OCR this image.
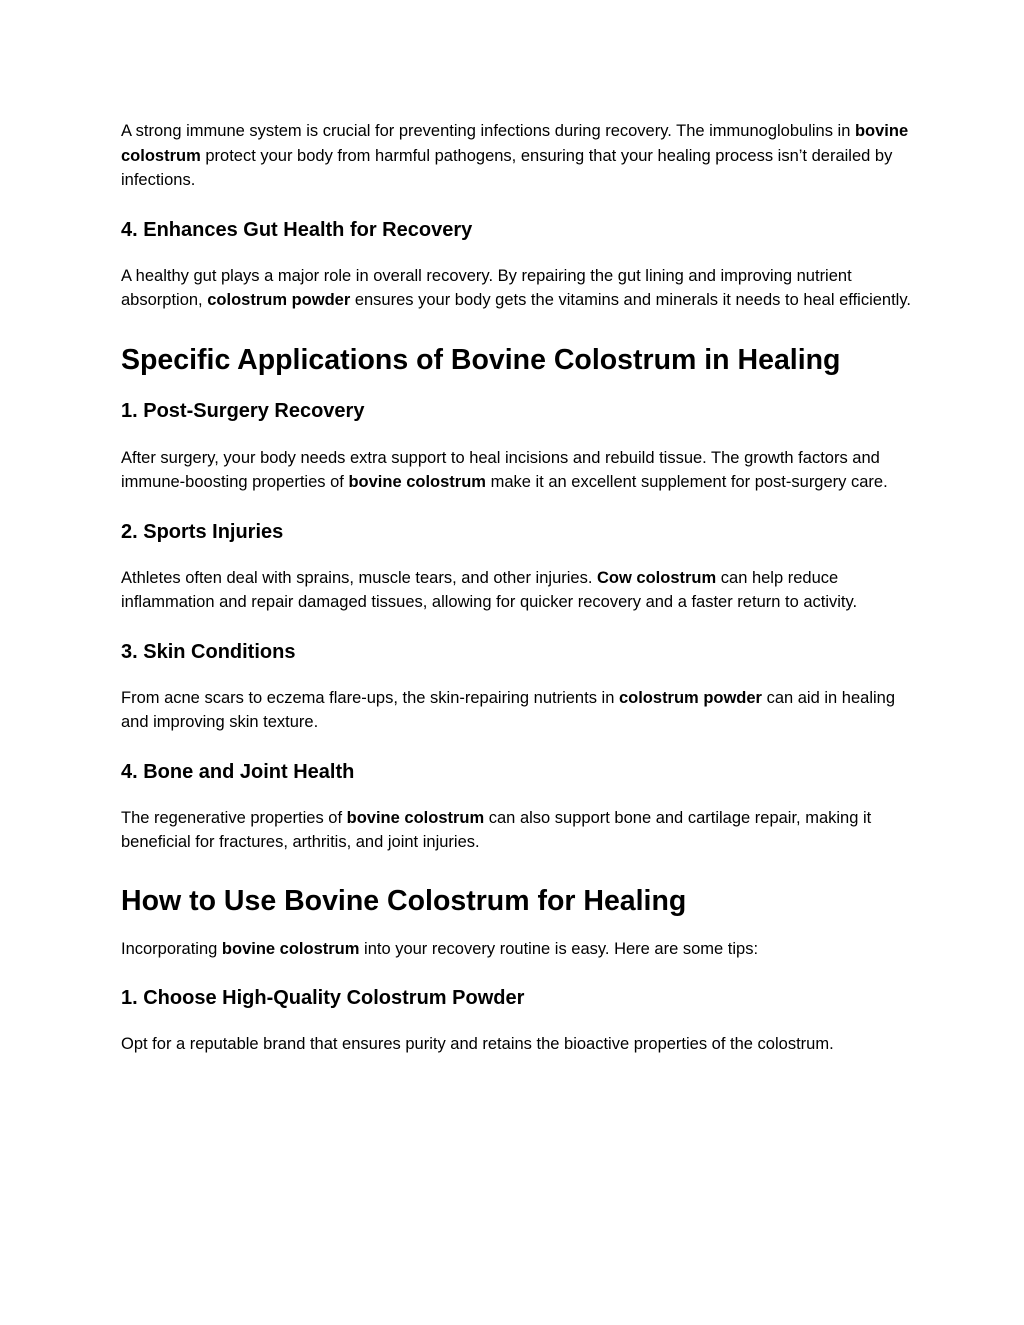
A strong immune system is crucial for preventing infections during recovery. The immunoglobulins in bovine colostrum protect your body from harmful pathogens, ensuring that your healing process isn’t derailed by infections.

4. Enhances Gut Health for Recovery

A healthy gut plays a major role in overall recovery. By repairing the gut lining and improving nutrient absorption, colostrum powder ensures your body gets the vitamins and minerals it needs to heal efficiently.

Specific Applications of Bovine Colostrum in Healing
1. Post-Surgery Recovery

After surgery, your body needs extra support to heal incisions and rebuild tissue. The growth factors and immune-boosting properties of bovine colostrum make it an excellent supplement for post-surgery care.

2. Sports Injuries

Athletes often deal with sprains, muscle tears, and other injuries. Cow colostrum can help reduce inflammation and repair damaged tissues, allowing for quicker recovery and a faster return to activity.

3. Skin Conditions

From acne scars to eczema flare-ups, the skin-repairing nutrients in colostrum powder can aid in healing and improving skin texture.

4. Bone and Joint Health

The regenerative properties of bovine colostrum can also support bone and cartilage repair, making it beneficial for fractures, arthritis, and joint injuries.

How to Use Bovine Colostrum for Healing

Incorporating bovine colostrum into your recovery routine is easy. Here are some tips:

1. Choose High-Quality Colostrum Powder

Opt for a reputable brand that ensures purity and retains the bioactive properties of the colostrum.
